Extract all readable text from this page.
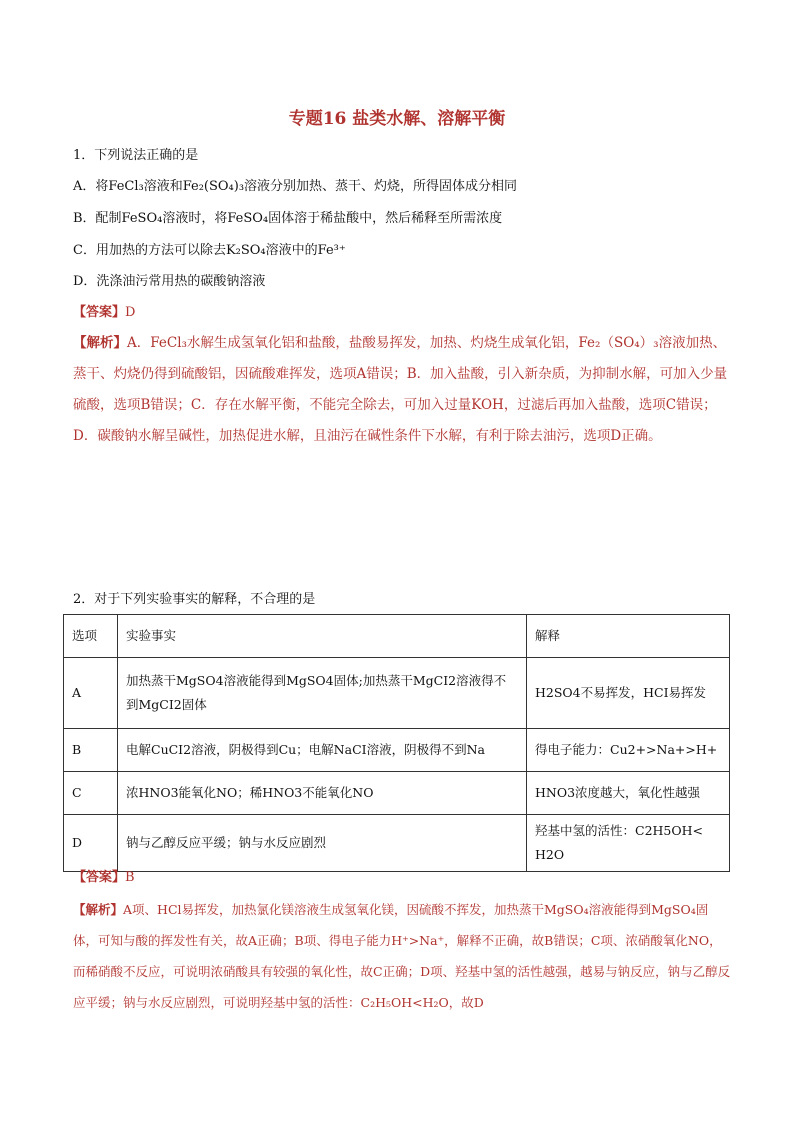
专题16 盐类水解、溶解平衡
1．下列说法正确的是
A．将FeCl₃溶液和Fe₂(SO₄)₃溶液分别加热、蒸干、灼烧，所得固体成分相同
B．配制FeSO₄溶液时，将FeSO₄固体溶于稀盐酸中，然后稀释至所需浓度
C．用加热的方法可以除去K₂SO₄溶液中的Fe³⁺
D．洗涤油污常用热的碳酸钠溶液
【答案】D
【解析】A．FeCl₃水解生成氢氧化铝和盐酸，盐酸易挥发，加热、灼烧生成氧化铝，Fe₂（SO₄）₃溶液加热、蒸干、灼烧仍得到硫酸铝，因硫酸难挥发，选项A错误；B．加入盐酸，引入新杂质，为抑制水解，可加入少量硫酸，选项B错误；C．存在水解平衡，不能完全除去，可加入过量KOH，过滤后再加入盐酸，选项C错误；D．碳酸钠水解呈碱性，加热促进水解，且油污在碱性条件下水解，有利于除去油污，选项D正确。
2．对于下列实验事实的解释，不合理的是
选项	实验事实	解释
A	加热蒸干MgSO4溶液能得到MgSO4固体;加热蒸干MgCI2溶液得不到MgCI2固体	H2SO4不易挥发，HCI易挥发
B	电解CuCI2溶液，阴极得到Cu；电解NaCI溶液，阴极得不到Na	得电子能力：Cu2+>Na+>H+
C	浓HNO3能氧化NO；稀HNO3不能氧化NO	HNO3浓度越大，氧化性越强
D	钠与乙醇反应平缓；钠与水反应剧烈	羟基中氢的活性：C2H5OH< H2O
【答案】B
【解析】A项、HCl易挥发，加热氯化镁溶液生成氢氧化镁，因硫酸不挥发，加热蒸干MgSO₄溶液能得到MgSO₄固体，可知与酸的挥发性有关，故A正确；B项、得电子能力H⁺>Na⁺，解释不正确，故B错误；C项、浓硝酸氧化NO，而稀硝酸不反应，可说明浓硝酸具有较强的氧化性，故C正确；D项、羟基中氢的活性越强，越易与钠反应，钠与乙醇反应平缓；钠与水反应剧烈，可说明羟基中氢的活性：C₂H₅OH<H₂O，故D
